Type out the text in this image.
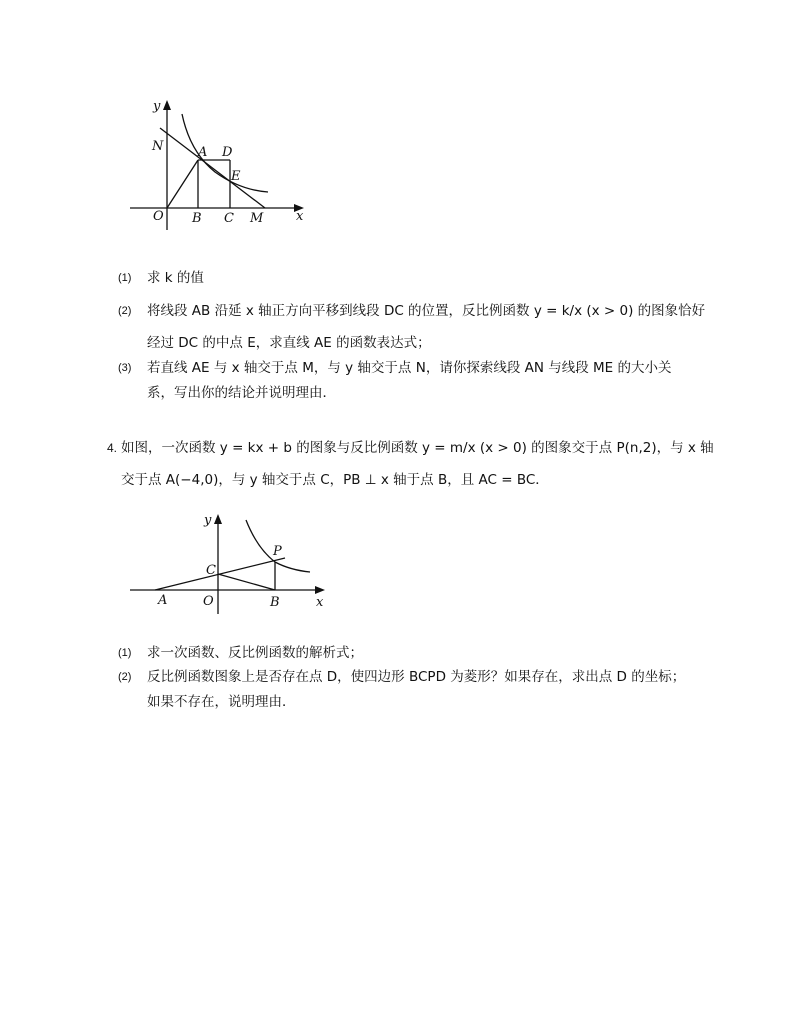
y
N	A D
E
O B C M	x
(1) 求 k 的值
(2) 将线段 AB 沿延 x 轴正方向平移到线段 DC 的位置，反比例函数 y = k/x (x > 0) 的图象恰好
经过 DC 的中点 E，求直线 AE 的函数表达式；
(3) 若直线 AE 与 x 轴交于点 M，与 y 轴交于点 N，请你探索线段 AN 与线段 ME 的大小关
系，写出你的结论并说明理由．
4. 如图，一次函数 y = kx + b 的图象与反比例函数 y = m/x (x > 0) 的图象交于点 P(n,2)，与 x 轴
交于点 A(−4,0)，与 y 轴交于点 C，PB ⊥ x 轴于点 B，且 AC = BC．
y
P
C
A	O	B	x
(1) 求一次函数、反比例函数的解析式；
(2) 反比例函数图象上是否存在点 D，使四边形 BCPD 为菱形？如果存在，求出点 D 的坐标；
如果不存在，说明理由．
